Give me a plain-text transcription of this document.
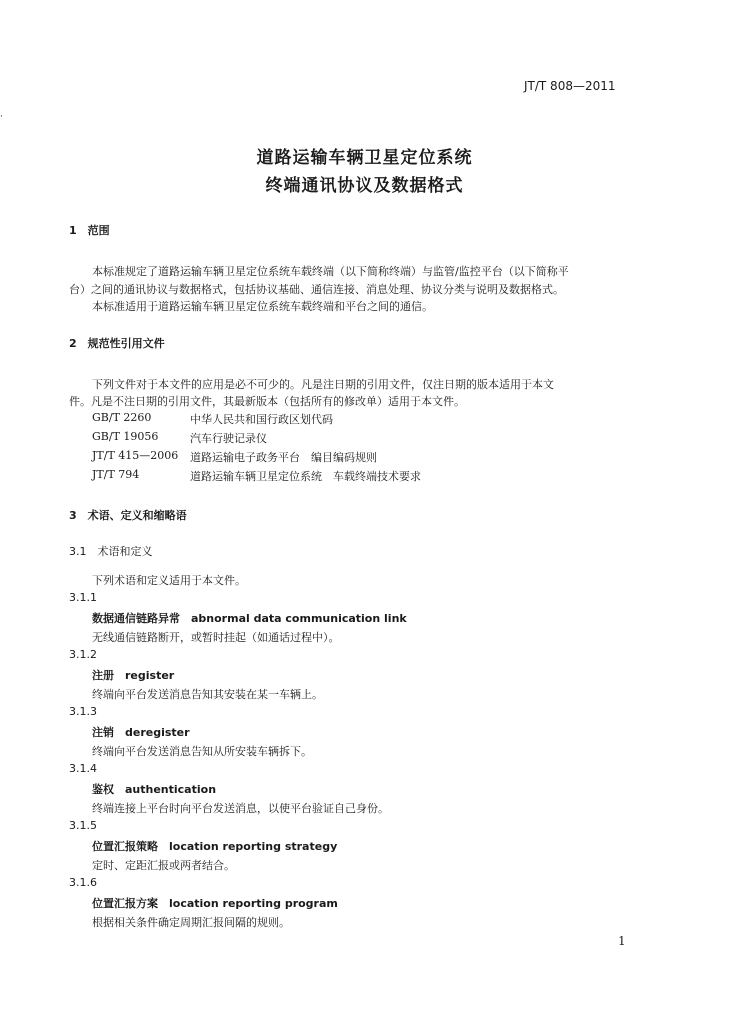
·
JT/T 808—2011
道路运输车辆卫星定位系统
终端通讯协议及数据格式
1　范围
本标准规定了道路运输车辆卫星定位系统车载终端（以下简称终端）与监管/监控平台（以下简称平
台）之间的通讯协议与数据格式，包括协议基础、通信连接、消息处理、协议分类与说明及数据格式。
本标准适用于道路运输车辆卫星定位系统车载终端和平台之间的通信。
2　规范性引用文件
下列文件对于本文件的应用是必不可少的。凡是注日期的引用文件，仅注日期的版本适用于本文
件。凡是不注日期的引用文件，其最新版本（包括所有的修改单）适用于本文件。
GB/T 2260	中华人民共和国行政区划代码
GB/T 19056	汽车行驶记录仪
JT/T 415—2006 道路运输电子政务平台　编目编码规则
JT/T 794	道路运输车辆卫星定位系统　车载终端技术要求
3　术语、定义和缩略语
3.1　术语和定义
下列术语和定义适用于本文件。
3.1.1
数据通信链路异常　abnormal data communication link
无线通信链路断开，或暂时挂起（如通话过程中）。
3.1.2
注册　register
终端向平台发送消息告知其安装在某一车辆上。
3.1.3
注销　deregister
终端向平台发送消息告知从所安装车辆拆下。
3.1.4
鉴权　authentication
终端连接上平台时向平台发送消息，以使平台验证自己身份。
3.1.5
位置汇报策略　location reporting strategy
定时、定距汇报或两者结合。
3.1.6
位置汇报方案　location reporting program
根据相关条件确定周期汇报间隔的规则。
1
